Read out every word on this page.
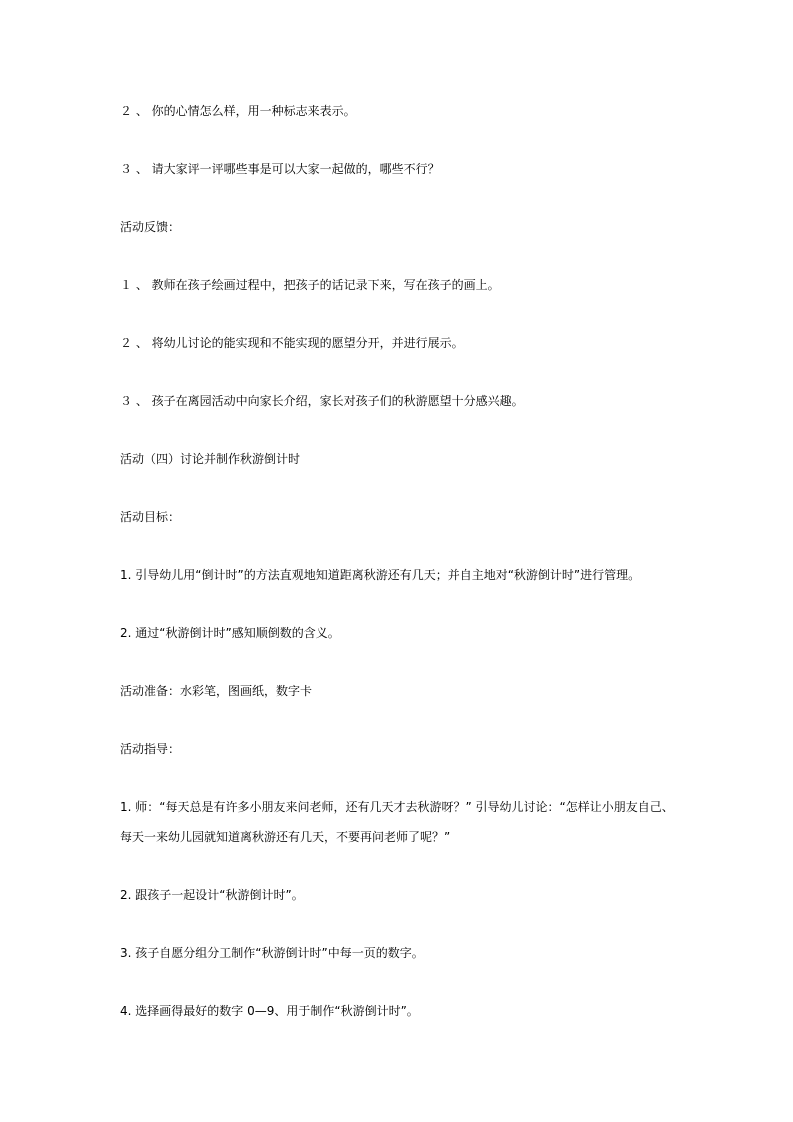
２ 、 你的心情怎么样，用一种标志来表示。
３ 、 请大家评一评哪些事是可以大家一起做的，哪些不行？
活动反馈：
１ 、 教师在孩子绘画过程中，把孩子的话记录下来，写在孩子的画上。
２ 、 将幼儿讨论的能实现和不能实现的愿望分开，并进行展示。
３ 、 孩子在离园活动中向家长介绍，家长对孩子们的秋游愿望十分感兴趣。
活动（四）讨论并制作秋游倒计时
活动目标：
1. 引导幼儿用“倒计时”的方法直观地知道距离秋游还有几天；并自主地对“秋游倒计时”进行管理。
2. 通过“秋游倒计时”感知顺倒数的含义。
活动准备：水彩笔，图画纸，数字卡
活动指导：
1. 师：“每天总是有许多小朋友来问老师，还有几天才去秋游呀？” 引导幼儿讨论：“怎样让小朋友自己、
每天一来幼儿园就知道离秋游还有几天，不要再问老师了呢？”
2. 跟孩子一起设计“秋游倒计时”。
3. 孩子自愿分组分工制作“秋游倒计时”中每一页的数字。
4. 选择画得最好的数字 0—9、用于制作“秋游倒计时”。
